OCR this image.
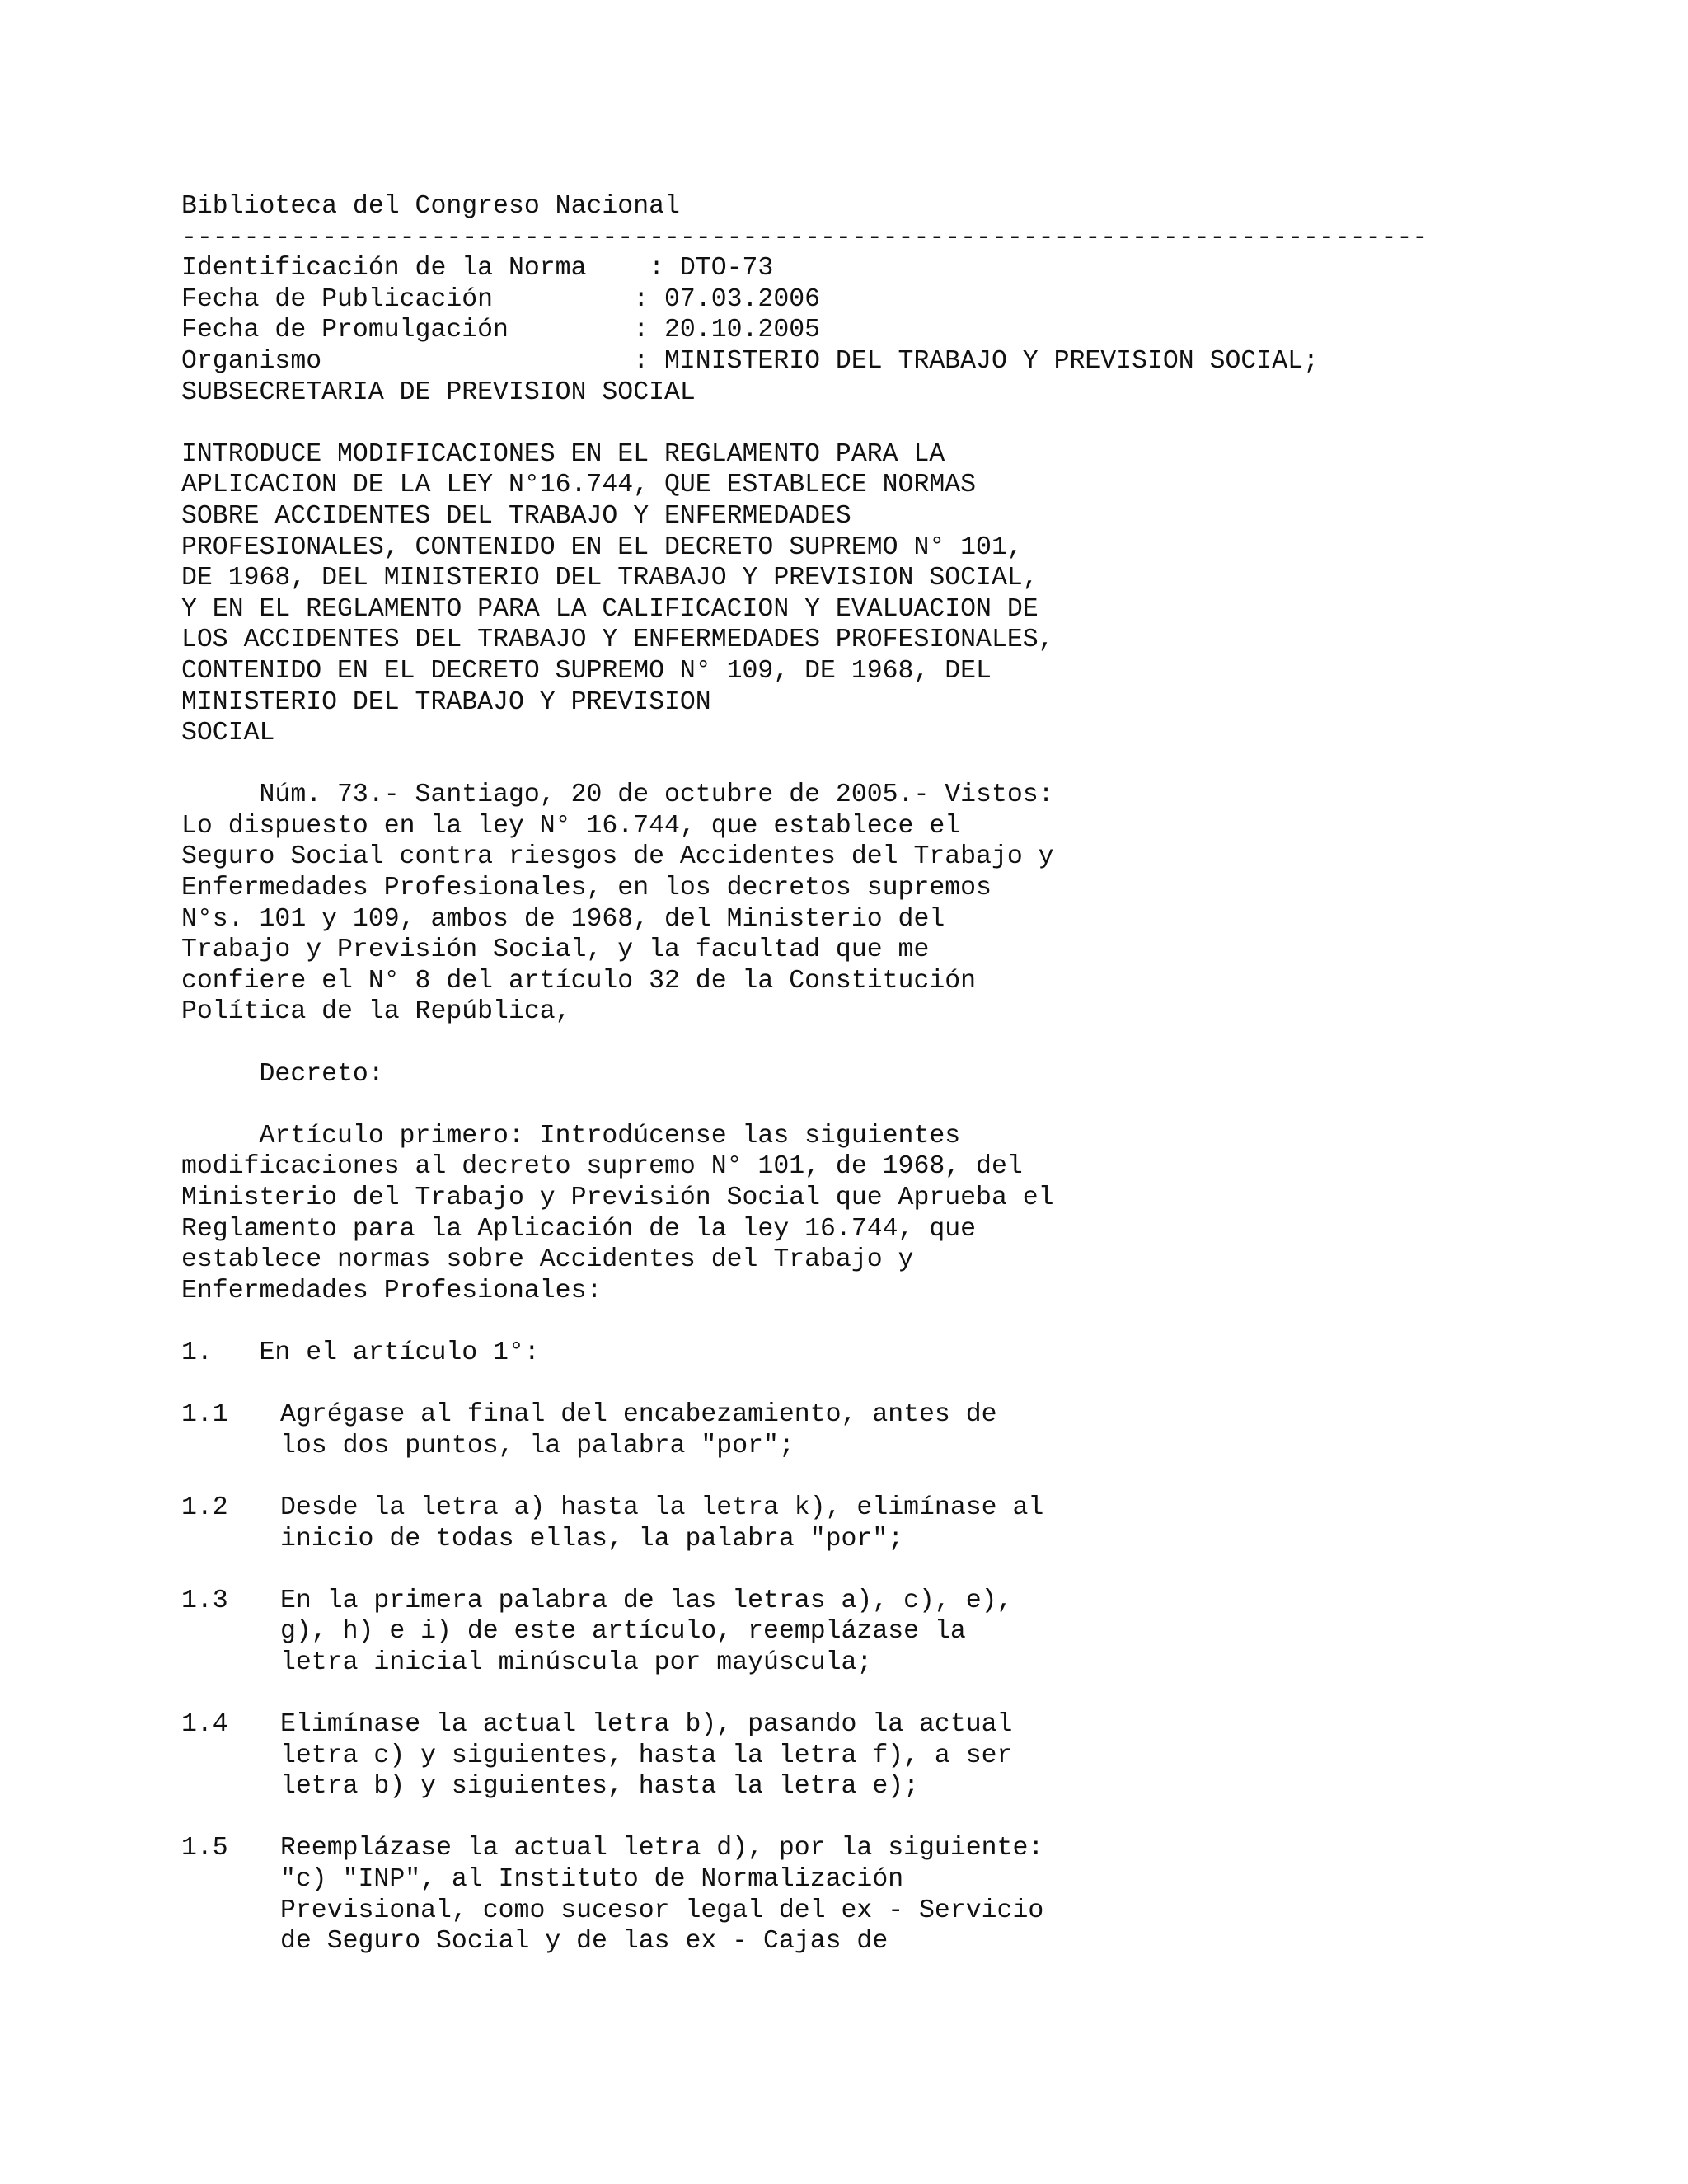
Biblioteca del Congreso Nacional
--------------------------------------------------------------------------------
Identificación de la Norma    : DTO-73
Fecha de Publicación         : 07.03.2006
Fecha de Promulgación        : 20.10.2005
Organismo                    : MINISTERIO DEL TRABAJO Y PREVISION SOCIAL;
SUBSECRETARIA DE PREVISION SOCIAL
INTRODUCE MODIFICACIONES EN EL REGLAMENTO PARA LA
APLICACION DE LA LEY N°16.744, QUE ESTABLECE NORMAS
SOBRE ACCIDENTES DEL TRABAJO Y ENFERMEDADES
PROFESIONALES, CONTENIDO EN EL DECRETO SUPREMO N° 101,
DE 1968, DEL MINISTERIO DEL TRABAJO Y PREVISION SOCIAL,
Y EN EL REGLAMENTO PARA LA CALIFICACION Y EVALUACION DE
LOS ACCIDENTES DEL TRABAJO Y ENFERMEDADES PROFESIONALES,
CONTENIDO EN EL DECRETO SUPREMO N° 109, DE 1968, DEL
MINISTERIO DEL TRABAJO Y PREVISION
SOCIAL
Núm. 73.- Santiago, 20 de octubre de 2005.- Vistos:
Lo dispuesto en la ley N° 16.744, que establece el
Seguro Social contra riesgos de Accidentes del Trabajo y
Enfermedades Profesionales, en los decretos supremos
N°s. 101 y 109, ambos de 1968, del Ministerio del
Trabajo y Previsión Social, y la facultad que me
confiere el N° 8 del artículo 32 de la Constitución
Política de la República,
Decreto:
Artículo primero: Introdúcense las siguientes
modificaciones al decreto supremo N° 101, de 1968, del
Ministerio del Trabajo y Previsión Social que Aprueba el
Reglamento para la Aplicación de la ley 16.744, que
establece normas sobre Accidentes del Trabajo y
Enfermedades Profesionales:
1.   En el artículo 1°:
1.1	Agrégase al final del encabezamiento, antes de
los dos puntos, la palabra "por";
1.2	Desde la letra a) hasta la letra k), elimínase al
inicio de todas ellas, la palabra "por";
1.3	En la primera palabra de las letras a), c), e),
g), h) e i) de este artículo, reemplázase la
letra inicial minúscula por mayúscula;
1.4	Elimínase la actual letra b), pasando la actual
letra c) y siguientes, hasta la letra f), a ser
letra b) y siguientes, hasta la letra e);
1.5	Reemplázase la actual letra d), por la siguiente:
"c) "INP", al Instituto de Normalización
Previsional, como sucesor legal del ex - Servicio
de Seguro Social y de las ex - Cajas de
